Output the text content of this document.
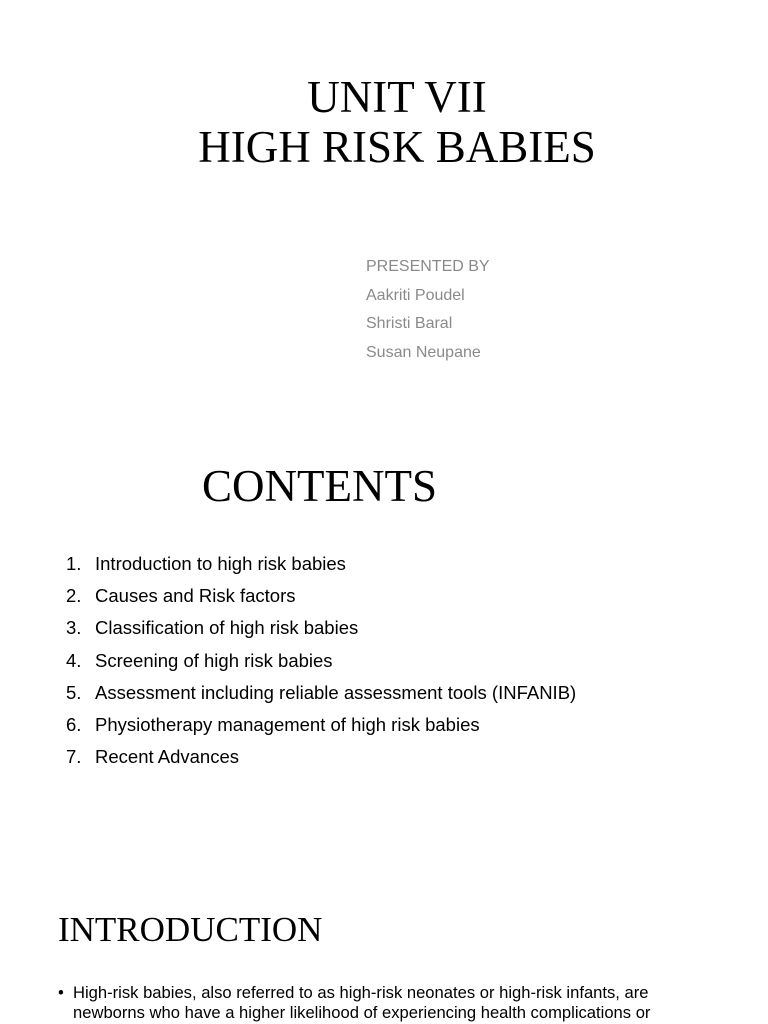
UNIT VII
HIGH RISK BABIES
PRESENTED BY
Aakriti Poudel
Shristi Baral
Susan Neupane
CONTENTS
1. Introduction to high risk babies
2. Causes and Risk factors
3. Classification of high risk babies
4. Screening of high risk babies
5. Assessment including reliable assessment tools (INFANIB)
6. Physiotherapy management of high risk babies
7. Recent Advances
INTRODUCTION
• High-risk babies, also referred to as high-risk neonates or high-risk infants, are newborns who have a higher likelihood of experiencing health complications or
